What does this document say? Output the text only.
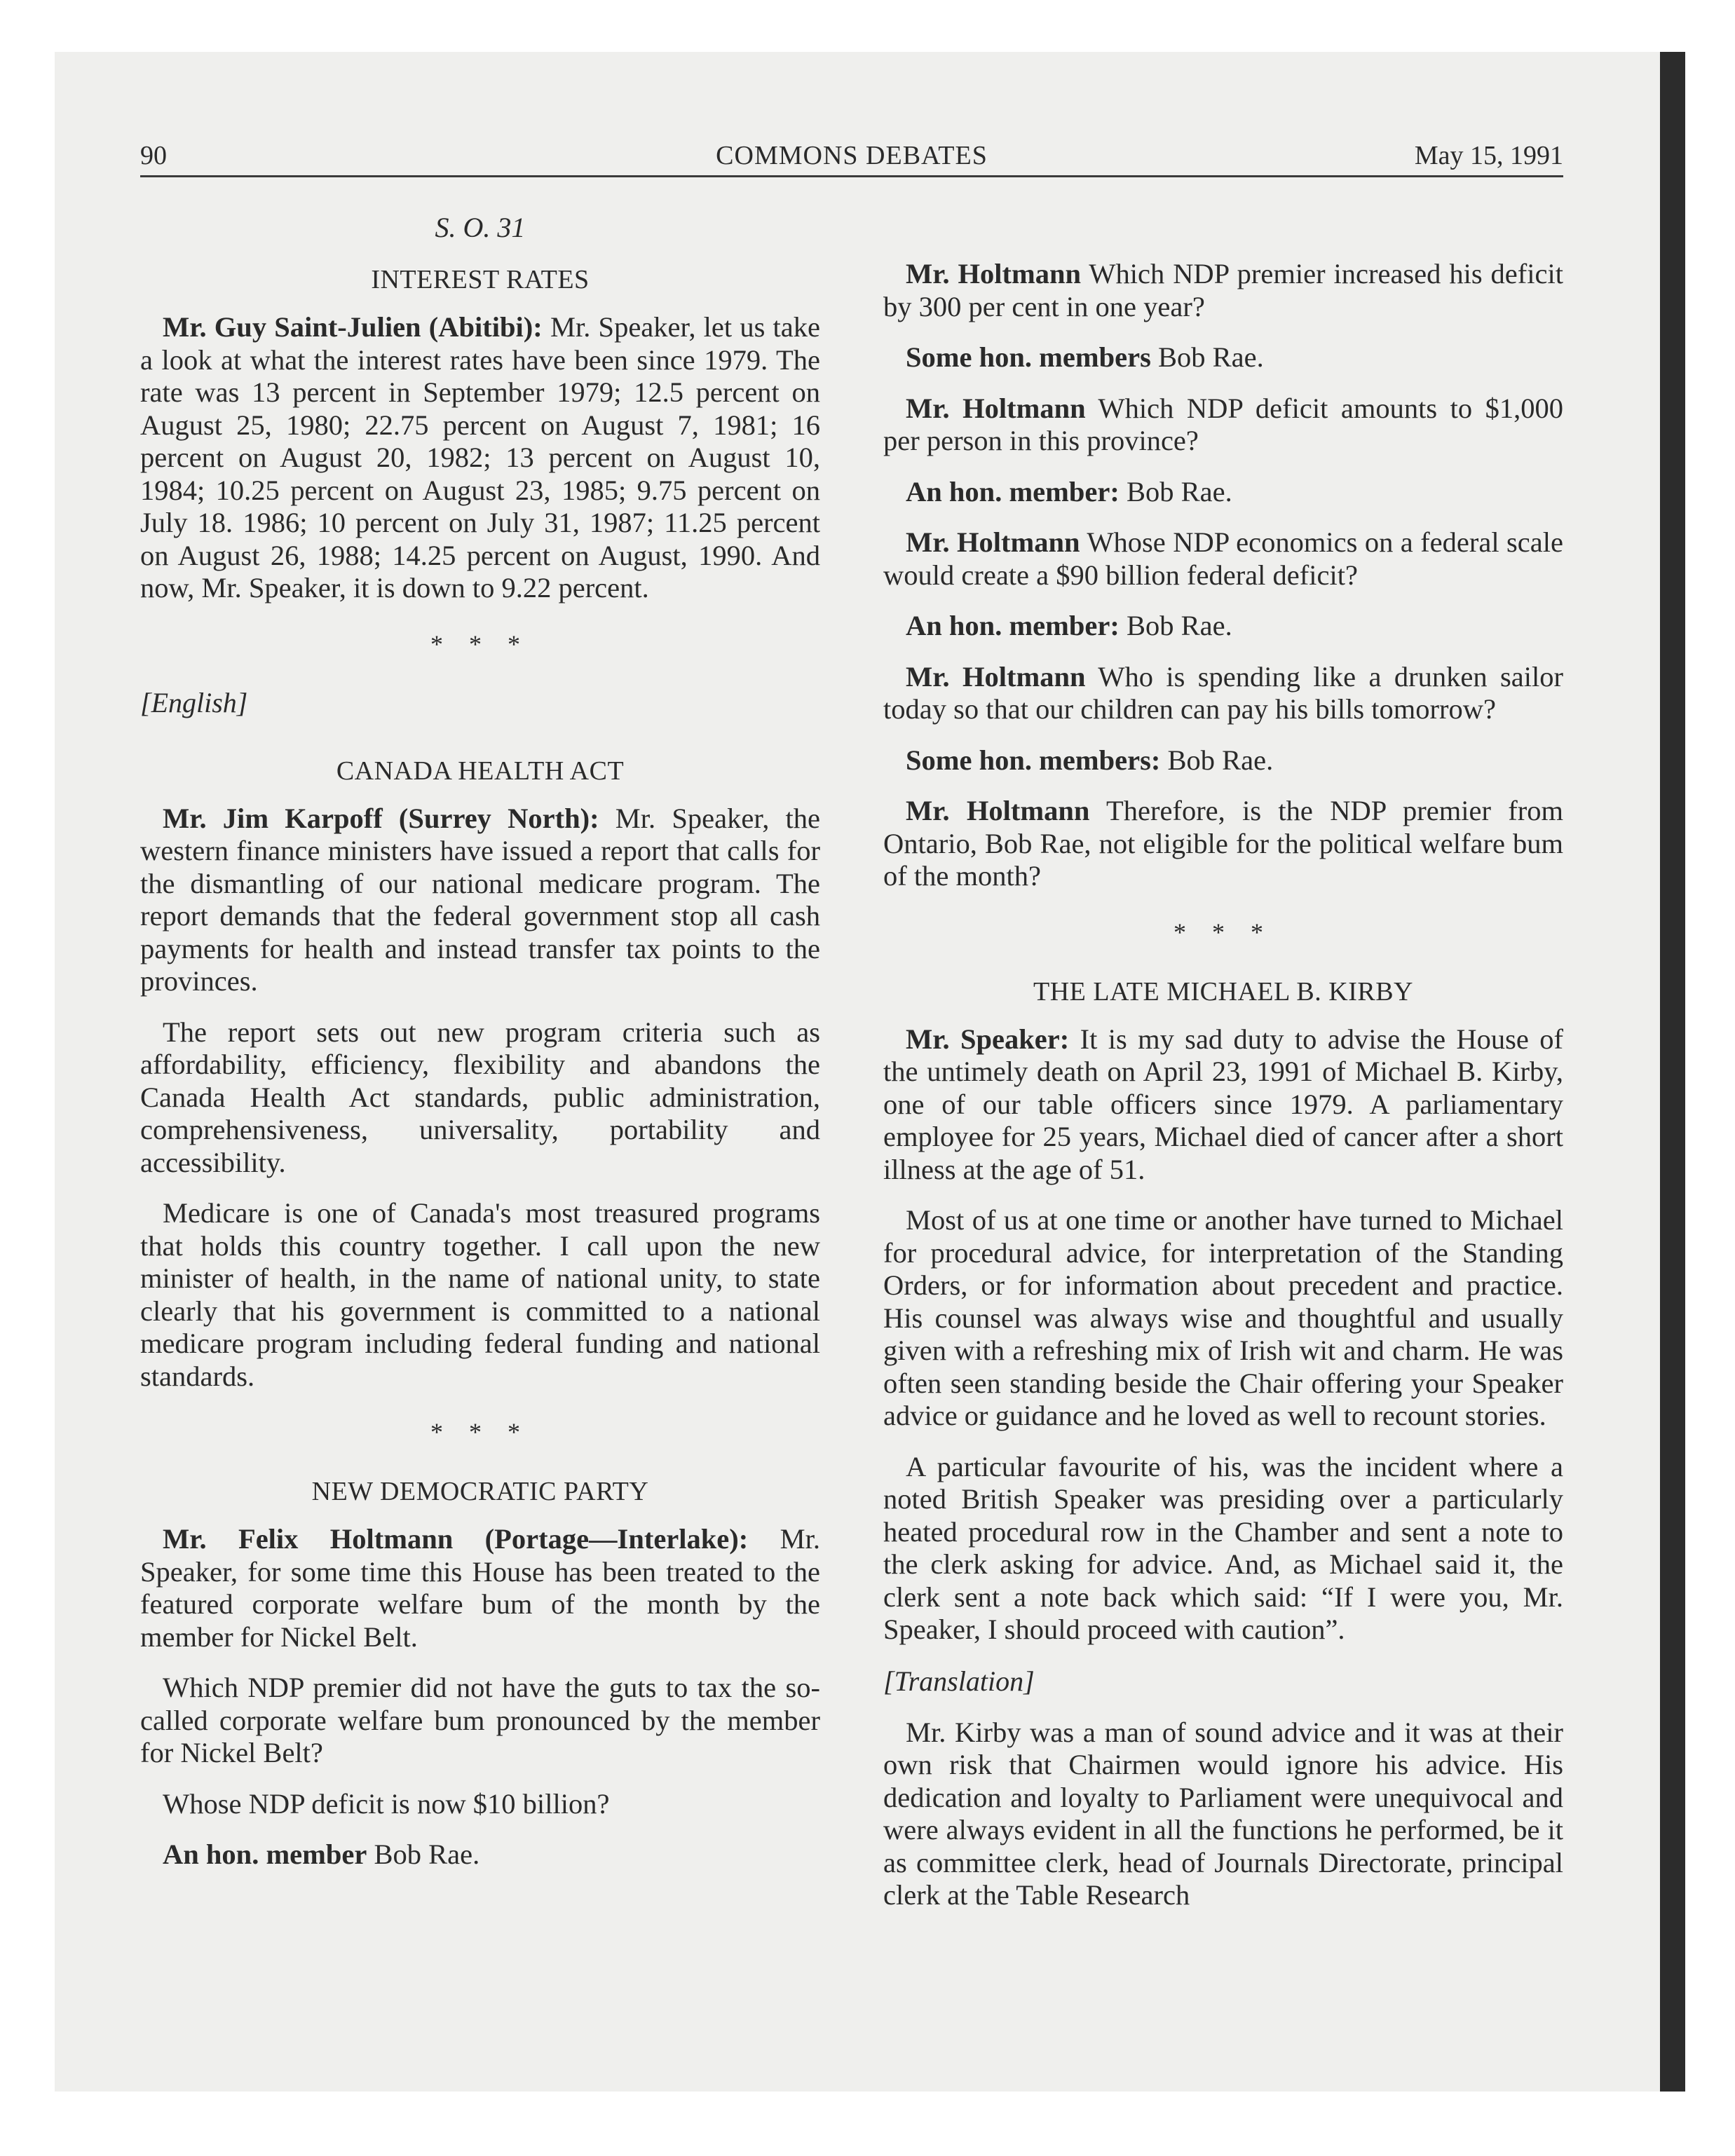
90	COMMONS DEBATES	May 15, 1991
S. O. 31
INTEREST RATES

Mr. Guy Saint-Julien (Abitibi): Mr. Speaker, let us take a look at what the interest rates have been since 1979. The rate was 13 percent in September 1979; 12.5 percent on August 25, 1980; 22.75 percent on August 7, 1981; 16 percent on August 20, 1982; 13 percent on August 10, 1984; 10.25 percent on August 23, 1985; 9.75 percent on July 18. 1986; 10 percent on July 31, 1987; 11.25 percent on August 26, 1988; 14.25 percent on August, 1990. And now, Mr. Speaker, it is down to 9.22 percent.

* * *
[English]
CANADA HEALTH ACT

Mr. Jim Karpoff (Surrey North): Mr. Speaker, the western finance ministers have issued a report that calls for the dismantling of our national medicare program. The report demands that the federal government stop all cash payments for health and instead transfer tax points to the provinces.

The report sets out new program criteria such as affordability, efficiency, flexibility and abandons the Canada Health Act standards, public administration, comprehensiveness, universality, portability and accessibility.

Medicare is one of Canada's most treasured programs that holds this country together. I call upon the new minister of health, in the name of national unity, to state clearly that his government is committed to a national medicare program including federal funding and national standards.

* * *
NEW DEMOCRATIC PARTY

Mr. Felix Holtmann (Portage—Interlake): Mr. Speaker, for some time this House has been treated to the featured corporate welfare bum of the month by the member for Nickel Belt.

Which NDP premier did not have the guts to tax the so-called corporate welfare bum pronounced by the member for Nickel Belt?

Whose NDP deficit is now $10 billion?

An hon. member Bob Rae.

Mr. Holtmann Which NDP premier increased his deficit by 300 per cent in one year?

Some hon. members Bob Rae.

Mr. Holtmann Which NDP deficit amounts to $1,000 per person in this province?

An hon. member: Bob Rae.

Mr. Holtmann Whose NDP economics on a federal scale would create a $90 billion federal deficit?

An hon. member: Bob Rae.

Mr. Holtmann Who is spending like a drunken sailor today so that our children can pay his bills tomorrow?

Some hon. members: Bob Rae.

Mr. Holtmann Therefore, is the NDP premier from Ontario, Bob Rae, not eligible for the political welfare bum of the month?

* * *
THE LATE MICHAEL B. KIRBY

Mr. Speaker: It is my sad duty to advise the House of the untimely death on April 23, 1991 of Michael B. Kirby, one of our table officers since 1979. A parliamentary employee for 25 years, Michael died of cancer after a short illness at the age of 51.

Most of us at one time or another have turned to Michael for procedural advice, for interpretation of the Standing Orders, or for information about precedent and practice. His counsel was always wise and thoughtful and usually given with a refreshing mix of Irish wit and charm. He was often seen standing beside the Chair offering your Speaker advice or guidance and he loved as well to recount stories.

A particular favourite of his, was the incident where a noted British Speaker was presiding over a particularly heated procedural row in the Chamber and sent a note to the clerk asking for advice. And, as Michael said it, the clerk sent a note back which said: “If I were you, Mr. Speaker, I should proceed with caution”.

[Translation]

Mr. Kirby was a man of sound advice and it was at their own risk that Chairmen would ignore his advice. His dedication and loyalty to Parliament were unequivocal and were always evident in all the functions he performed, be it as committee clerk, head of Journals Directorate, principal clerk at the Table Research
